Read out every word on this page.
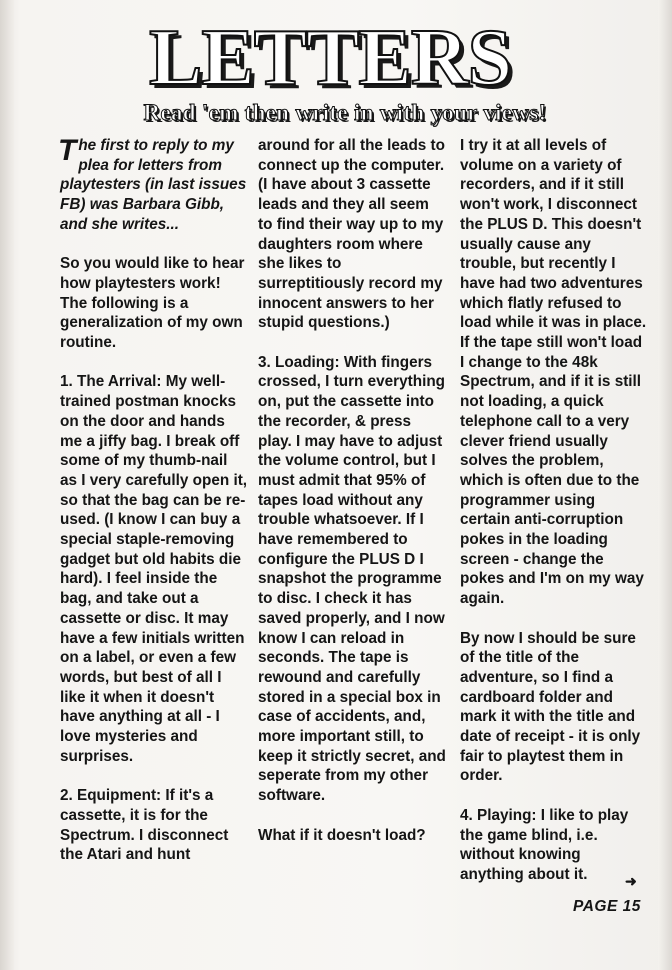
LETTERS
Read 'em then write in with your views!

The first to reply to my plea for letters from playtesters (in last issues FB) was Barbara Gibb, and she writes...

So you would like to hear how playtesters work! The following is a generalization of my own routine.

1. The Arrival: My well-trained postman knocks on the door and hands me a jiffy bag. I break off some of my thumb-nail as I very carefully open it, so that the bag can be re-used. (I know I can buy a special staple-removing gadget but old habits die hard). I feel inside the bag, and take out a cassette or disc. It may have a few initials written on a label, or even a few words, but best of all I like it when it doesn't have anything at all - I love mysteries and surprises.

2. Equipment: If it's a cassette, it is for the Spectrum. I disconnect the Atari and hunt

around for all the leads to connect up the computer. (I have about 3 cassette leads and they all seem to find their way up to my daughters room where she likes to surreptitiously record my innocent answers to her stupid questions.)

3. Loading: With fingers crossed, I turn everything on, put the cassette into the recorder, & press play. I may have to adjust the volume control, but I must admit that 95% of tapes load without any trouble whatsoever. If I have remembered to configure the PLUS D I snapshot the programme to disc. I check it has saved properly, and I now know I can reload in seconds. The tape is rewound and carefully stored in a special box in case of accidents, and, more important still, to keep it strictly secret, and seperate from my other software.

What if it doesn't load?

I try it at all levels of volume on a variety of recorders, and if it still won't work, I disconnect the PLUS D. This doesn't usually cause any trouble, but recently I have had two adventures which flatly refused to load while it was in place. If the tape still won't load I change to the 48k Spectrum, and if it is still not loading, a quick telephone call to a very clever friend usually solves the problem, which is often due to the programmer using certain anti-corruption pokes in the loading screen - change the pokes and I'm on my way again.

By now I should be sure of the title of the adventure, so I find a cardboard folder and mark it with the title and date of receipt - it is only fair to playtest them in order.

4. Playing: I like to play the game blind, i.e. without knowing anything about it.	➜
PAGE 15
